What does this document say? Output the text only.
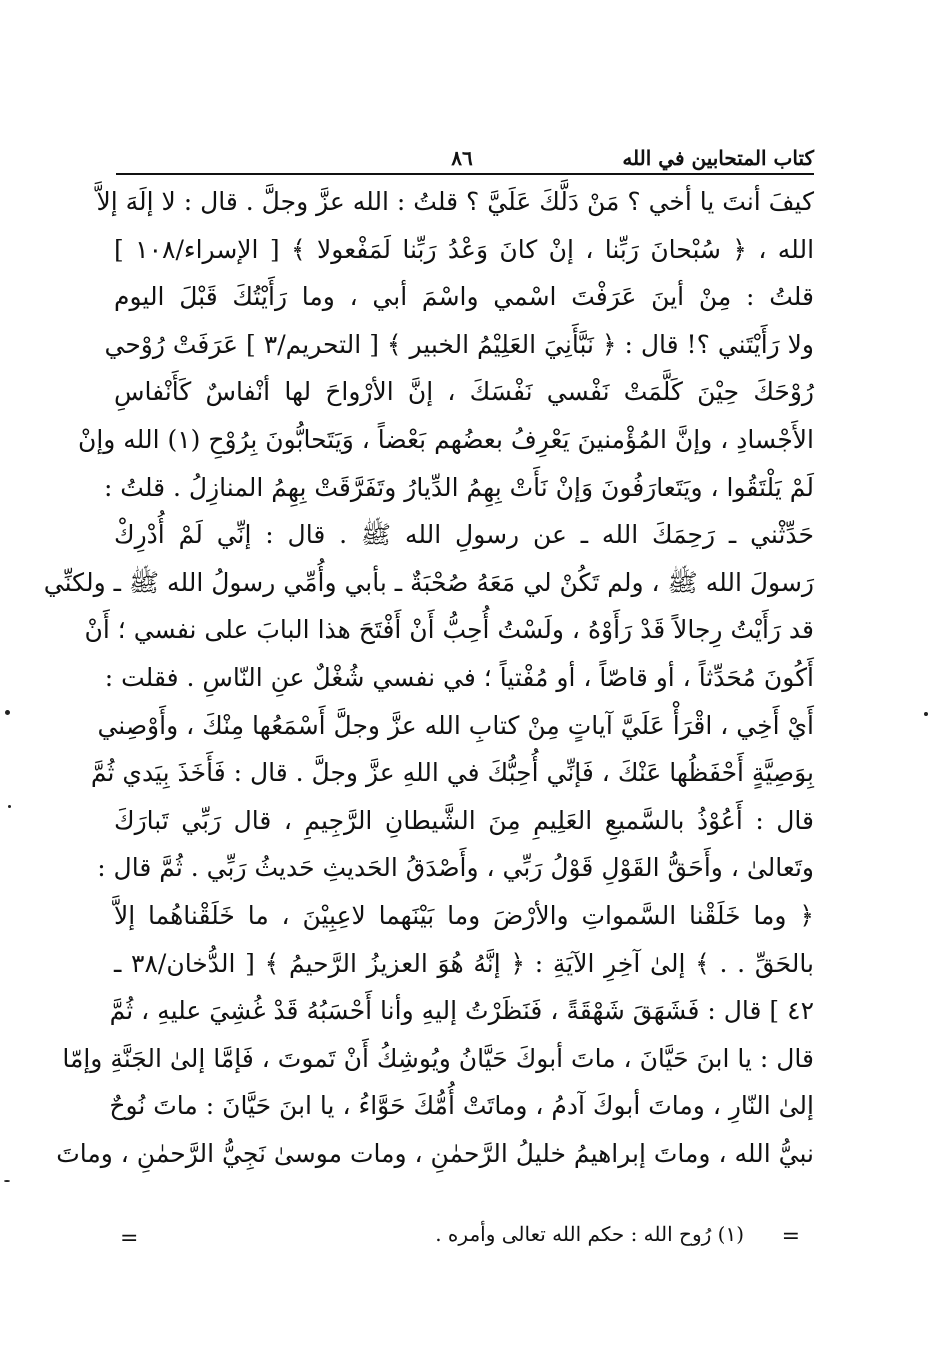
كتاب المتحابين في الله
٨٦
كيفَ أنتَ يا أخي ؟ مَنْ دَلَّكَ عَلَيَّ ؟ قلتُ : الله عزَّ وجلَّ . قال : لا إلَهَ إلاَّ
الله ، ﴿ سُبْحانَ رَبِّنا ، إنْ كانَ وَعْدُ رَبِّنا لَمَفْعولا ﴾ [ الإسراء/١٠٨ ]
قلتُ : مِنْ أينَ عَرَفْتَ اسْمي واسْمَ أبي ، وما رَأَيْتُكَ قَبْلَ اليوم
ولا رَأَيْتَني ؟! قال : ﴿ نَبَّأَنِيَ العَلِيْمُ الخبير ﴾ [ التحريم/٣ ] عَرَفَتْ رُوْحي
رُوْحَكَ حِيْنَ كَلَّمَتْ نَفْسي نَفْسَكَ ، إنَّ الأرْواحَ لها أنْفاسٌ كَأَنْفاسِ
الأَجْسادِ ، وإنَّ المُؤْمنينَ يَعْرِفُ بعضُهم بَعْضاً ، وَيَتَحابُّونَ بِرُوْحِ (١) الله وإنْ
لَمْ يَلْتَقُوا ، ويَتَعارَفُونَ وَإنْ نَأَتْ بِهِمُ الدِّيارُ وتَفَرَّقَتْ بِهِمُ المنازِلُ . قلتُ :
حَدِّثْني ـ رَحِمَكَ الله ـ عن رسولِ الله ﷺ . قال : إنِّي لَمْ أُدْرِكْ
رَسولَ الله ﷺ ، ولم تَكُنْ لي مَعَهُ صُحْبَةٌ ـ بأبي وأُمِّي رسولُ الله ﷺ ـ ولكنِّي
قد رَأَيْتُ رِجالاً قَدْ رَأَوْهُ ، ولَسْتُ أُحِبُّ أَنْ أَفْتَحَ هذا البابَ على نفسي ؛ أَنْ
أَكُونَ مُحَدِّثاً ، أو قاصّاً ، أو مُفْتياً ؛ في نفسي شُغْلٌ عنِ النّاسِ . فقلت :
أَيْ أَخِي ، اقْرَأْ عَلَيَّ آياتٍ مِنْ كتابِ الله عزَّ وجلَّ أَسْمَعُها مِنْكَ ، وأَوْصِني
بِوَصِيَّةٍ أَحْفَظُها عَنْكَ ، فَإنِّي أُحِبُّكَ في اللهِ عزَّ وجلَّ . قال : فَأَخَذَ بِيَدي ثُمَّ
قال : أَعُوْذُ بالسَّميعِ العَلِيمِ مِنَ الشَّيطانِ الرَّجِيمِ ، قال رَبِّي تَبارَكَ
وتَعالىٰ ، وأَحَقُّ القَوْلِ قَوْلُ رَبِّي ، وأَصْدَقُ الحَديثِ حَديثُ رَبِّي . ثُمَّ قال :
﴿ وما خَلَقْنا السَّمواتِ والأرْضَ وما بَيْنَهما لاعِبِيْنَ ، ما خَلَقْناهُما إلاَّ
بالحَقِّ . . ﴾ إلىٰ آخِرِ الآيَةِ : ﴿ إنَّهُ هُوَ العزيزُ الرَّحيمُ ﴾ [ الدُّخان/٣٨ ـ
٤٢ ] قال : فَشَهَقَ شَهْقَةً ، فَنَظَرْتُ إليهِ وأنا أَحْسَبُهُ قَدْ غُشِيَ عليهِ ، ثُمَّ
قال : يا ابنَ حَيَّانَ ، ماتَ أبوكَ حَيَّانُ ويُوشِكُ أَنْ تَموتَ ، فَإمَّا إلىٰ الجَنَّةِ وإمّا
إلىٰ النّارِ ، وماتَ أبوكَ آدمُ ، وماتَتْ أُمُّكَ حَوَّاءُ ، يا ابنَ حَيَّانَ : ماتَ نُوحٌ
نبيُّ الله ، وماتَ إبراهيمُ خليلُ الرَّحمٰنِ ، ومات موسىٰ نَجِيُّ الرَّحمٰنِ ، وماتَ
=
(١) رُوح الله : حكم الله تعالى وأمره .
=
